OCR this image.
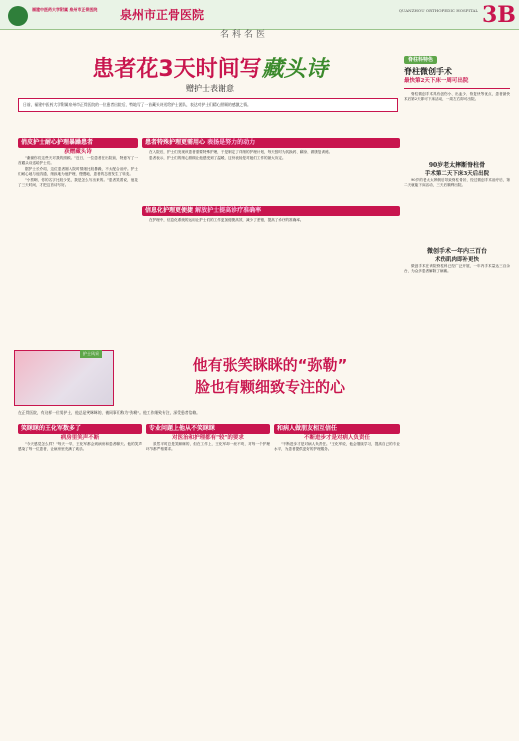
福建中医药大学附属 泉州市正骨医院	泉州市正骨医院	QUANZHOU ORTHOPEDIC HOSPITAL 3B
名科名医
患者花3天时间写藏头诗
赠护士表谢意
日前，福建中医药大学附属泉州市正骨医院的一位患者出院后，特地写了一首藏头诗送给护士团队，表达对护士们精心照顾的感激之情。
俏皮护士耐心护理暴躁患者
获赠藏头诗

"谢谢你们这些天对我的照顾。"近日，一位患者在出院前，特意写了一首藏头诗送给护士们。

据护士长介绍，这位患者刚入院时情绪比较暴躁，不太配合治疗。护士们耐心地与他沟通，细致地为他护理，慢慢地，患者的态度发生了转变。

"小蔡啊，你的名字比较少见，我是怎么写出来的。"患者笑着说，他花了三天时间，才把这首诗写好。

患者特殊护理更需用心 表扬是努力的动力

在入院后，护士们发现该患者需要特殊护理，于是制定了详细的护理计划，每天按时为其换药、翻身、做康复训练。

患者表示，护士们的细心照顾让他感受到了温暖，这份表扬是对她们工作的最大肯定。

信息化护理更便捷 解放护士提高诊疗准确率

在护理中，信息化系统的运用让护士们的工作更加便捷高效，减少了差错，提高了诊疗的准确率。

护士风采
他有张笑眯眯的“弥勒”
脸也有颗细致专注的心
在正骨医院，有这样一位男护士，他总是笑眯眯的，被同事们称为"弥勒"。他工作细致专注，深受患者信赖。
笑眯眯的王化军数多了
病房里笑声不断

"今天感觉怎么样？"每天一早，王化军都会到病房和患者聊天。他的笑声感染了每一位患者，让病房里充满了欢乐。

专业问题上他从不笑眯眯
对医治和护理都有"较"的要求

虽然平时总是笑眯眯的，但在工作上，王化军却一丝不苟，对每一个护理环节都严格要求。

和病人做朋友相互信任
不断进步才是对病人负责任

"不断进步才是对病人负责任。"王化军说，他会继续学习，提高自己的专业水平，为患者提供更好的护理服务。

脊柱科特色
脊柱微创手术
最快第2天下床一周可出院

脊柱微创手术具有创伤小、出血少、恢复快等优点，患者最快术后第2天即可下床活动，一周左右即可出院。

90岁老太摔断脊柱骨
手术第二天下床3天后出院

90岁的老太太摔倒后导致脊柱骨折，经过微创手术治疗后，第二天就能下床活动，三天后顺利出院。

微创手术一年内三百台
术伤肌肉即补更快

微创手术在该院脊柱科已经广泛开展，一年内手术量达三百余台，为众多患者解除了病痛。
